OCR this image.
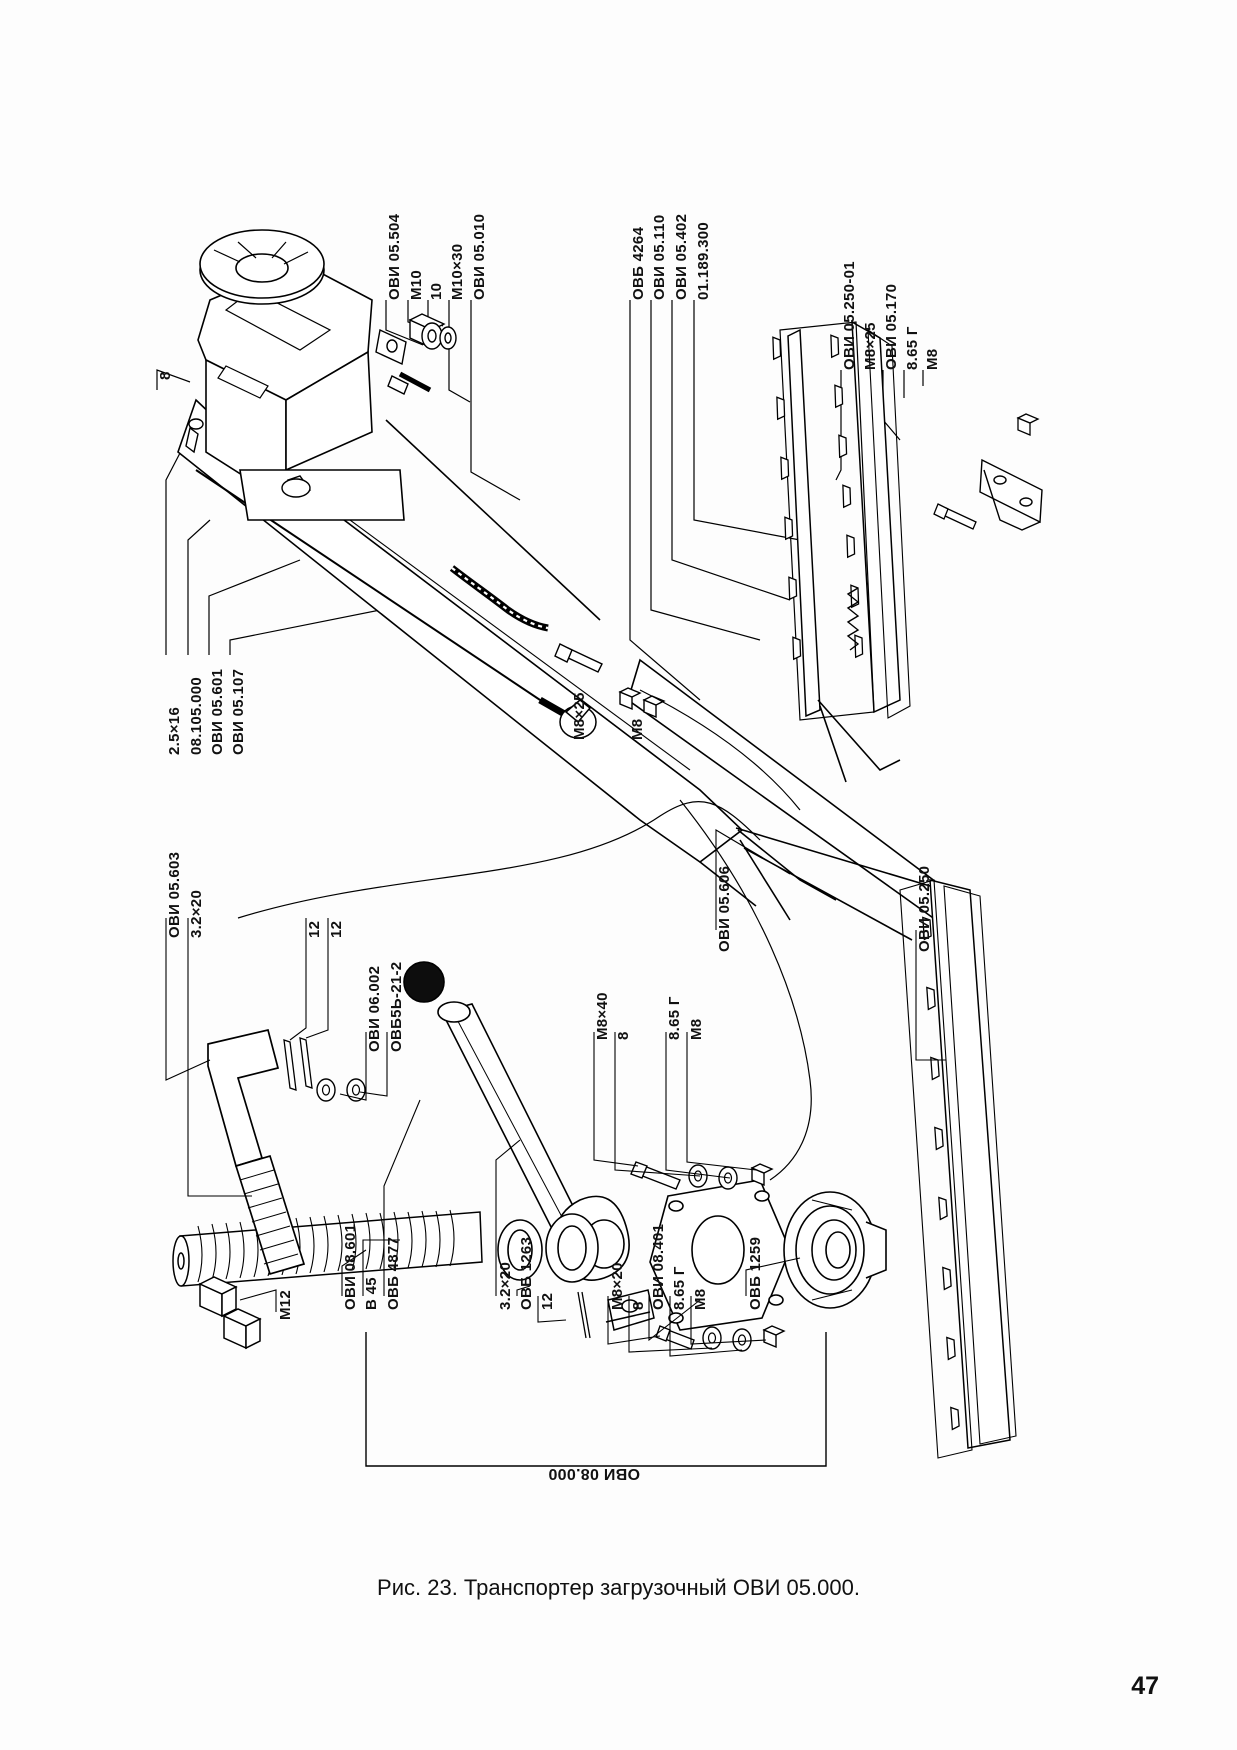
ОВИ 05.504 М10 10 М10×30 ОВИ 05.010	ОВБ 4264 ОВИ 05.110 ОВИ 05.402 01.189.300
ОВИ 05.250-01 М8×25 ОВИ 05.170 8.65 Г М8
2.5×16 08.105.000 ОВИ 05.601 ОВИ 05.107	М8×25	М8
8
ОВИ 05.603 3.2×20	12 12
ОВИ 06.002 ОВБ5Ь-21-2
ОВИ 05.606	ОВИ 05.250
М8×40 8 8.65 Г М8
М12	ОВИ 08.601 В 45 ОВБ 4877	3.2×20 ОВБ 1263 12	М8×20 8 ОВИ 08.401 8.65 Г М8	ОВБ 1259
ОВИ 08.000
Рис. 23. Транспортер загрузочный ОВИ 05.000.
47
